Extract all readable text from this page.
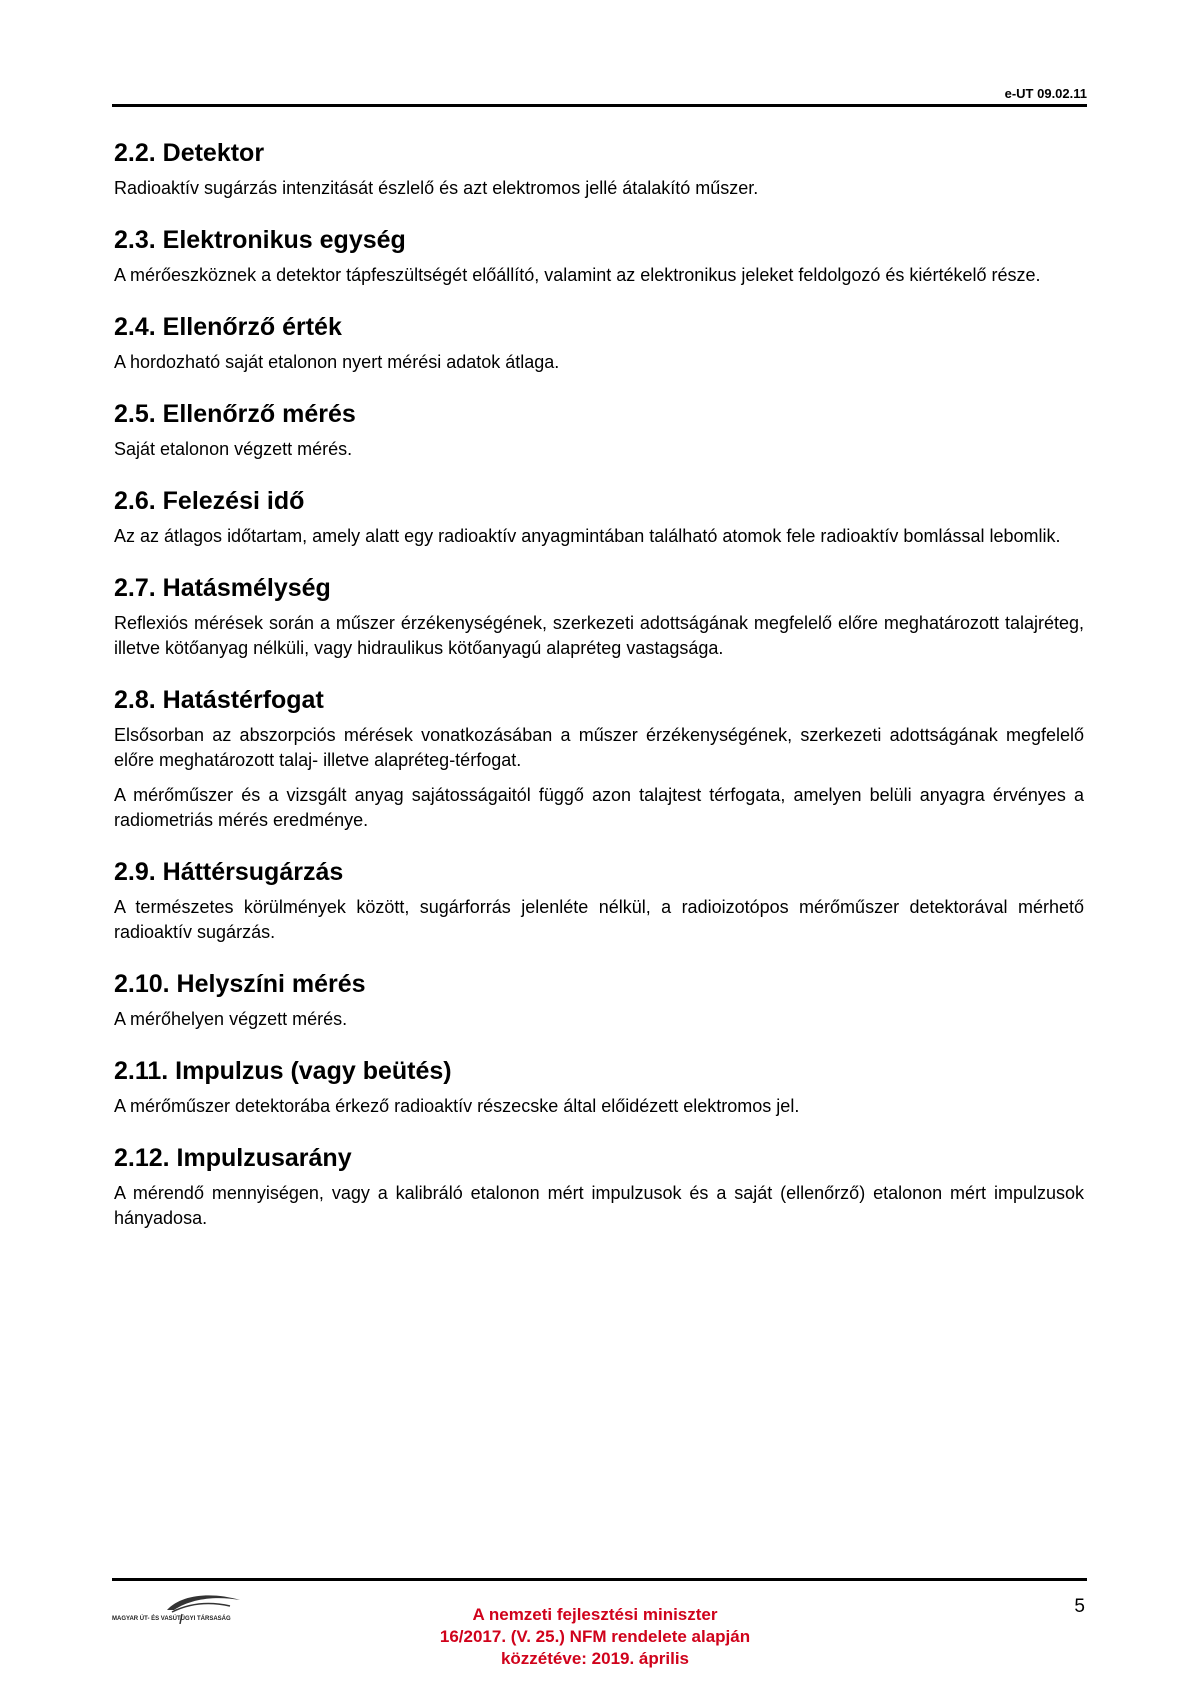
e-UT 09.02.11
2.2. Detektor

Radioaktív sugárzás intenzitását észlelő és azt elektromos jellé átalakító műszer.

2.3. Elektronikus egység

A mérőeszköznek a detektor tápfeszültségét előállító, valamint az elektronikus jeleket feldolgozó és kiértékelő része.

2.4. Ellenőrző érték

A hordozható saját etalonon nyert mérési adatok átlaga.

2.5. Ellenőrző mérés

Saját etalonon végzett mérés.

2.6. Felezési idő

Az az átlagos időtartam, amely alatt egy radioaktív anyagmintában található atomok fele radioaktív bomlással lebomlik.

2.7. Hatásmélység

Reflexiós mérések során a műszer érzékenységének, szerkezeti adottságának megfelelő előre meghatározott talajréteg, illetve kötőanyag nélküli, vagy hidraulikus kötőanyagú alapréteg vastagsága.

2.8. Hatástérfogat

Elsősorban az abszorpciós mérések vonatkozásában a műszer érzékenységének, szerkezeti adottságának megfelelő előre meghatározott talaj- illetve alapréteg-térfogat.

A mérőműszer és a vizsgált anyag sajátosságaitól függő azon talajtest térfogata, amelyen belüli anyagra érvényes a radiometriás mérés eredménye.

2.9. Háttérsugárzás

A természetes körülmények között, sugárforrás jelenléte nélkül, a radioizotópos mérőműszer detektorával mérhető radioaktív sugárzás.

2.10. Helyszíni mérés

A mérőhelyen végzett mérés.

2.11. Impulzus (vagy beütés)

A mérőműszer detektorába érkező radioaktív részecske által előidézett elektromos jel.

2.12. Impulzusarány

A mérendő mennyiségen, vagy a kalibráló etalonon mért impulzusok és a saját (ellenőrző) etalonon mért impulzusok hányadosa.

MAGYAR ÚT- ÉS VASÚTÜGYI TÁRSASÁG	A nemzeti fejlesztési miniszter
16/2017. (V. 25.) NFM rendelete alapján
közzétéve: 2019. április
5
